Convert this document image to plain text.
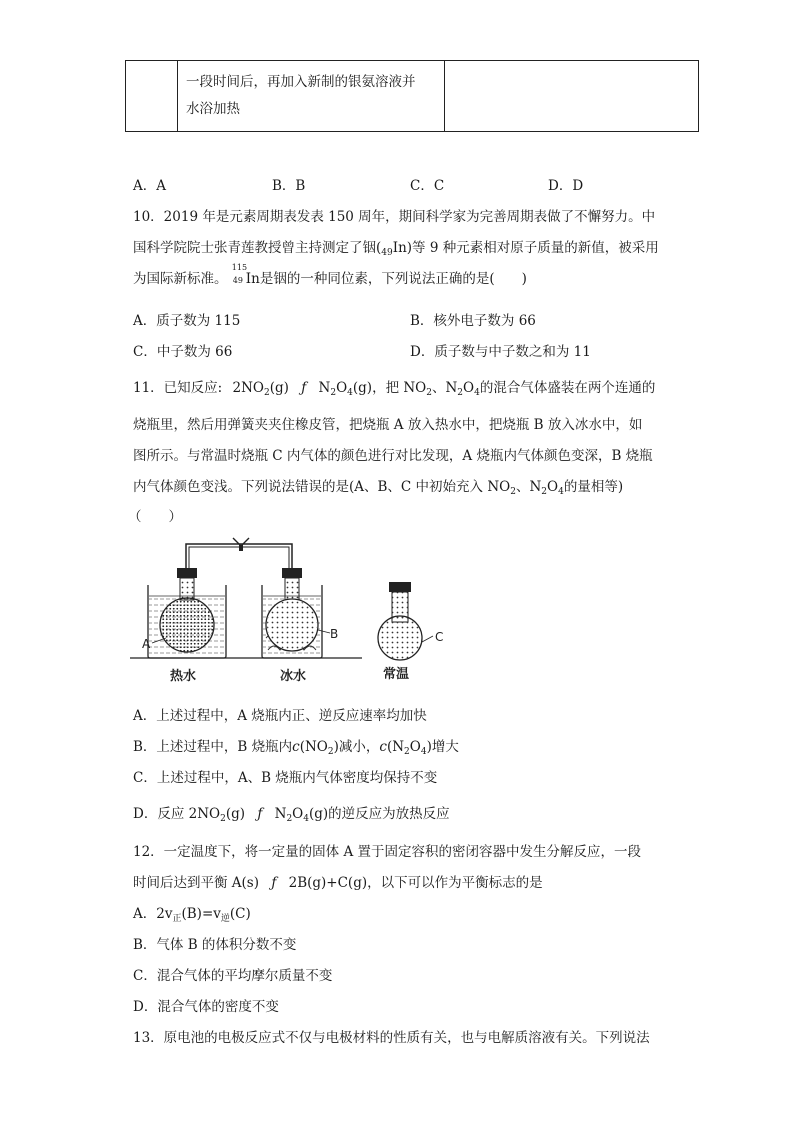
	一段时间后，再加入新制的银氨溶液并
水浴加热	
A．A	B．B	C．C	D．D
10．2019 年是元素周期表发表 150 周年，期间科学家为完善周期表做了不懈努力。中
国科学院院士张青莲教授曾主持测定了铟$(_{49}In)$等 9 种元素相对原子质量的新值，被采用
为国际新标准。
115
49 In是铟的一种同位素，下列说法正确的是(　　)
A．质子数为 115	B．核外电子数为 66
C．中子数为 66	D．质子数与中子数之和为 11
11．已知反应: $2NO_2(g)$ ƒ $N_2O_4(g)$，把 $NO_2$、$N_2O_4$的混合气体盛装在两个连通的
烧瓶里，然后用弹簧夹夹住橡皮管，把烧瓶 A 放入热水中，把烧瓶 B 放入冰水中，如
图所示。与常温时烧瓶 C 内气体的颜色进行对比发现，A 烧瓶内气体颜色变深，B 烧瓶
内气体颜色变浅。下列说法错误的是(A、B、C 中初始充入 $NO_2$、$N_2O_4$的量相等)
（　　）
A
B	C
热水	冰水	常温
A．上述过程中，A 烧瓶内正、逆反应速率均加快
B．上述过程中，B 烧瓶内$c(NO_2)$减小，$c(N_2O_4)$增大
C．上述过程中，A、B 烧瓶内气体密度均保持不变
D．反应 $2NO_2(g)$ ƒ $N_2O_4(g)$的逆反应为放热反应
12．一定温度下，将一定量的固体 A 置于固定容积的密闭容器中发生分解反应，一段
时间后达到平衡 A(s) ƒ 2B(g)+C(g)，以下可以作为平衡标志的是
A．$2v_正(B)=v_逆(C)$
B．气体 B 的体积分数不变
C．混合气体的平均摩尔质量不变
D．混合气体的密度不变
13．原电池的电极反应式不仅与电极材料的性质有关，也与电解质溶液有关。下列说法
